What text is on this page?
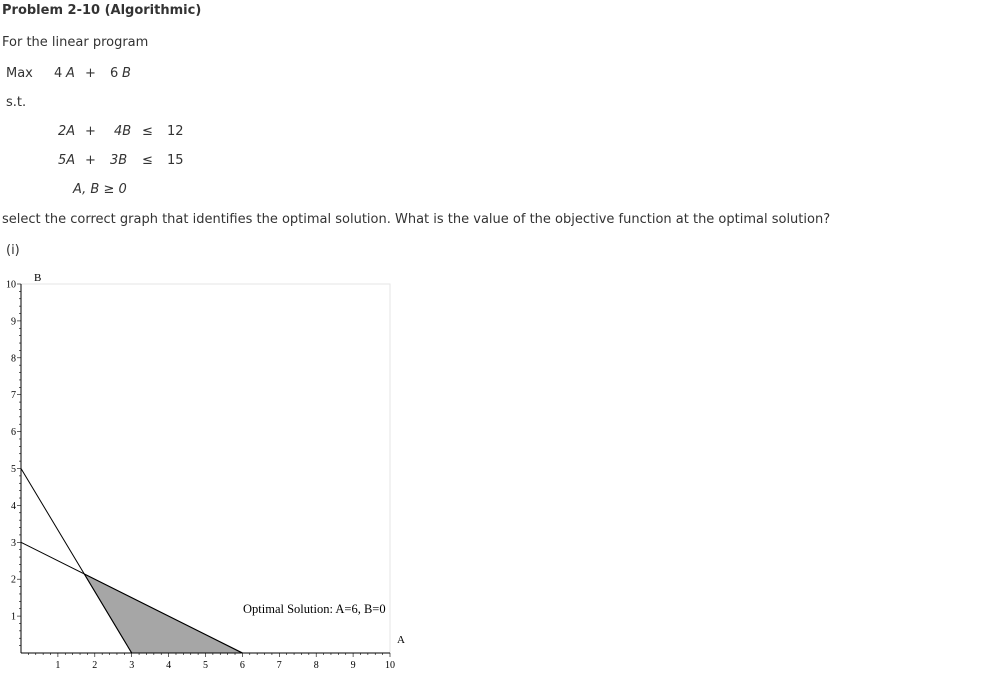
Problem 2-10 (Algorithmic)
For the linear program
Max 4 A + 6 B
s.t.
2A + 4B ≤ 12
5A + 3B ≤ 15
A, B ≥ 0
select the correct graph that identifies the optimal solution. What is the value of the objective function at the optimal solution?
(i)
1	2	3	4	5	6	7	8	9	10
1
2
3
4
5
6
7
8
9
10
B
A
Optimal Solution: A=6, B=0
